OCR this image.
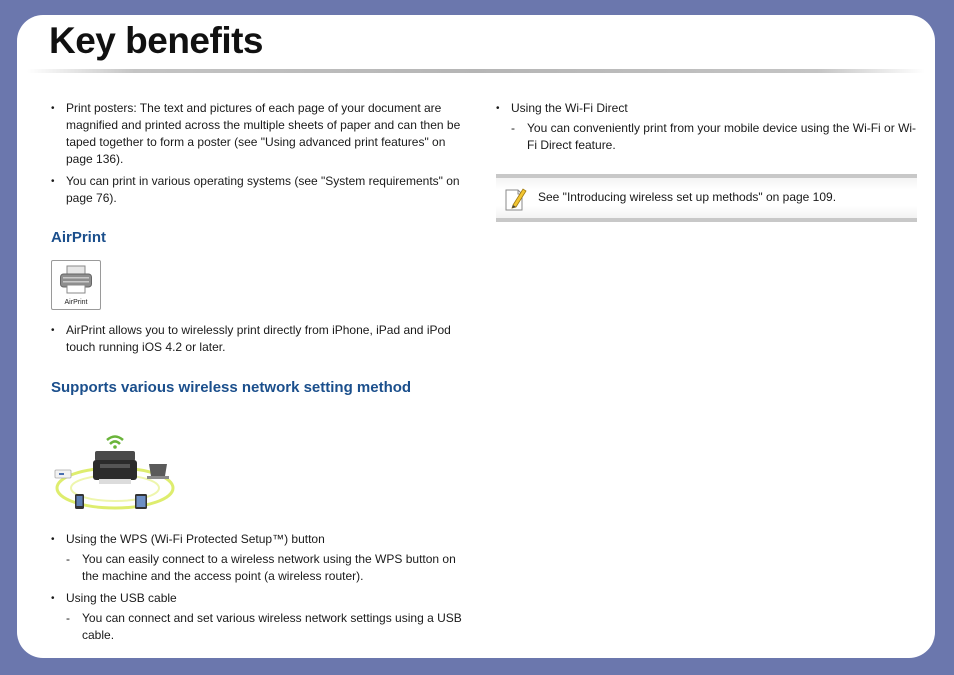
Key benefits
• Print posters: The text and pictures of each page of your document are magnified and printed across the multiple sheets of paper and can then be taped together to form a poster (see "Using advanced print features" on page 136).
• You can print in various operating systems (see "System requirements" on page 76).
AirPrint
AirPrint
• AirPrint allows you to wirelessly print directly from iPhone, iPad and iPod touch running iOS 4.2 or later.
Supports various wireless network setting method
• Using the WPS (Wi-Fi Protected Setup™) button
- You can easily connect to a wireless network using the WPS button on the machine and the access point (a wireless router).
• Using the USB cable
- You can connect and set various wireless network settings using a USB cable.
• Using the Wi-Fi Direct
- You can conveniently print from your mobile device using the Wi-Fi or Wi-Fi Direct feature.
See "Introducing wireless set up methods" on page 109.
